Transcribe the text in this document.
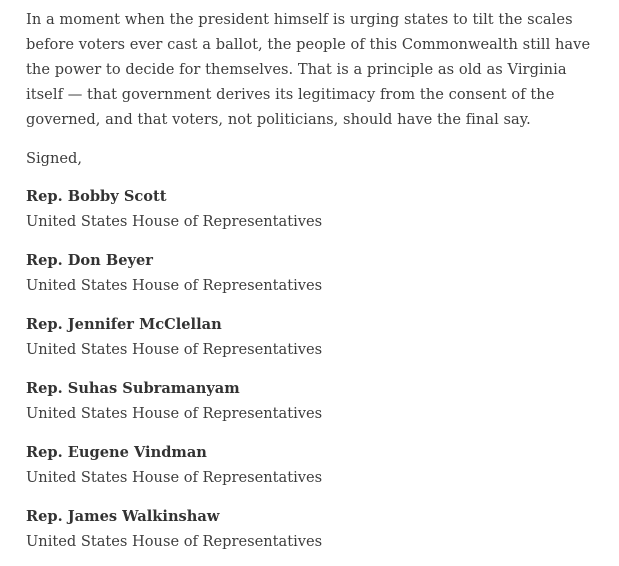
In a moment when the president himself is urging states to tilt the scales before voters ever cast a ballot, the people of this Commonwealth still have the power to decide for themselves. That is a principle as old as Virginia itself — that government derives its legitimacy from the consent of the governed, and that voters, not politicians, should have the final say.

Signed,

Rep. Bobby Scott
United States House of Representatives
Rep. Don Beyer
United States House of Representatives
Rep. Jennifer McClellan
United States House of Representatives
Rep. Suhas Subramanyam
United States House of Representatives
Rep. Eugene Vindman
United States House of Representatives
Rep. James Walkinshaw
United States House of Representatives
